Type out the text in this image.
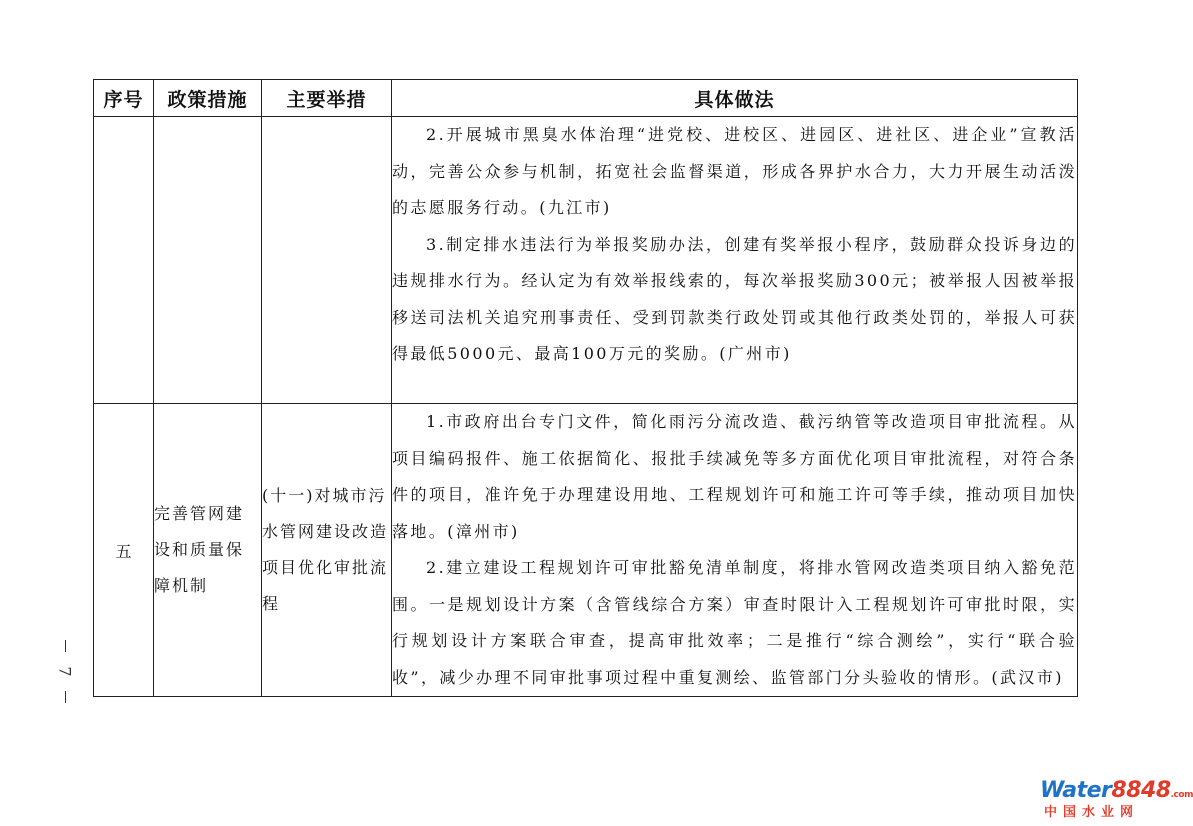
序号	政策措施	主要举措	具体做法

			2.开展城市黑臭水体治理“进党校、进校区、进园区、进社区、进企业”宣教活动，完善公众参与机制，拓宽社会监督渠道，形成各界护水合力，大力开展生动活泼的志愿服务行动。(九江市)

3.制定排水违法行为举报奖励办法，创建有奖举报小程序，鼓励群众投诉身边的违规排水行为。经认定为有效举报线索的，每次举报奖励300元；被举报人因被举报移送司法机关追究刑事责任、受到罚款类行政处罚或其他行政类处罚的，举报人可获得最低5000元、最高100万元的奖励。(广州市)

五	完善管网建设和质量保障机制	(十一)对城市污水管网建设改造项目优化审批流程	1.市政府出台专门文件，简化雨污分流改造、截污纳管等改造项目审批流程。从项目编码报件、施工依据简化、报批手续减免等多方面优化项目审批流程，对符合条件的项目，准许免于办理建设用地、工程规划许可和施工许可等手续，推动项目加快落地。(漳州市)

2.建立建设工程规划许可审批豁免清单制度，将排水管网改造类项目纳入豁免范围。一是规划设计方案（含管线综合方案）审查时限计入工程规划许可审批时限，实行规划设计方案联合审查，提高审批效率；二是推行“综合测绘”，实行“联合验收”，减少办理不同审批事项过程中重复测绘、监管部门分头验收的情形。(武汉市)

7
Water8848.com
中国水业网
